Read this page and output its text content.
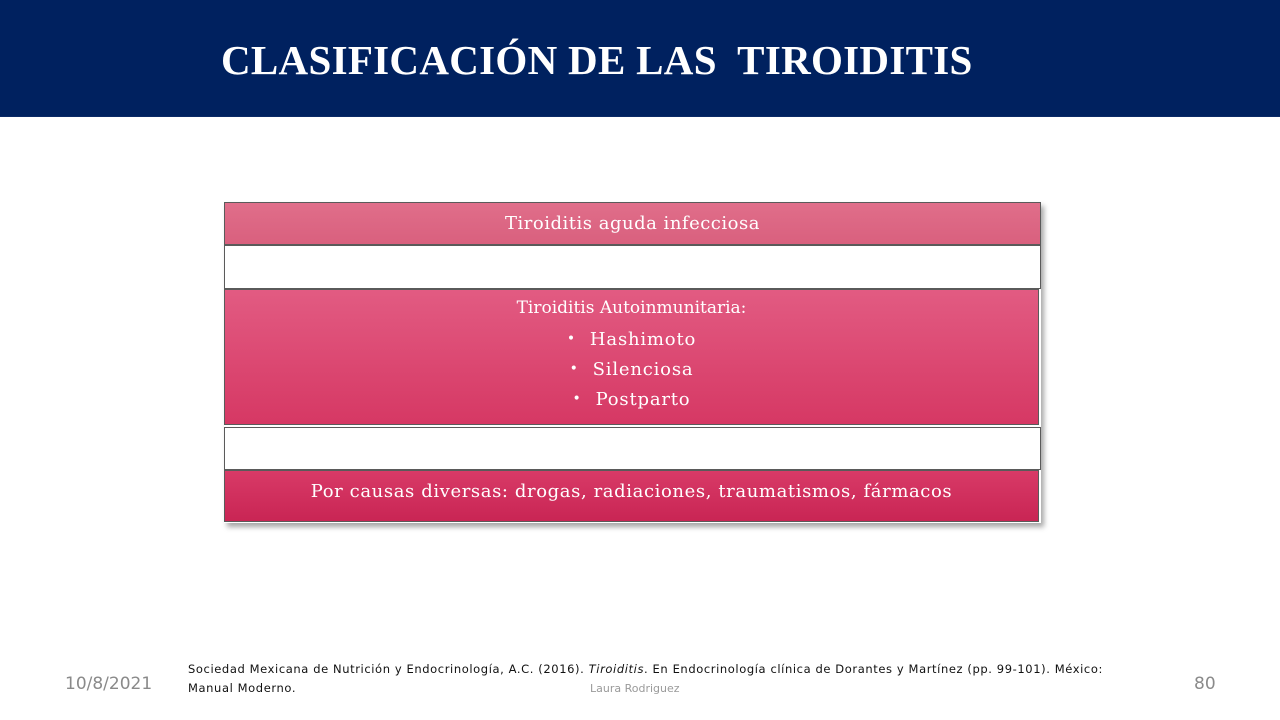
CLASIFICACIÓN DE LAS  TIROIDITIS
Tiroiditis aguda infecciosa
Tiroiditis Autoinmunitaria:
• Hashimoto
• Silenciosa
• Postparto
Por causas diversas: drogas, radiaciones, traumatismos, fármacos
10/8/2021
Sociedad Mexicana de Nutrición y Endocrinología, A.C. (2016). Tiroiditis. En Endocrinología clínica de Dorantes y Martínez (pp. 99-101). México: Manual Moderno.	Laura Rodriguez	80
